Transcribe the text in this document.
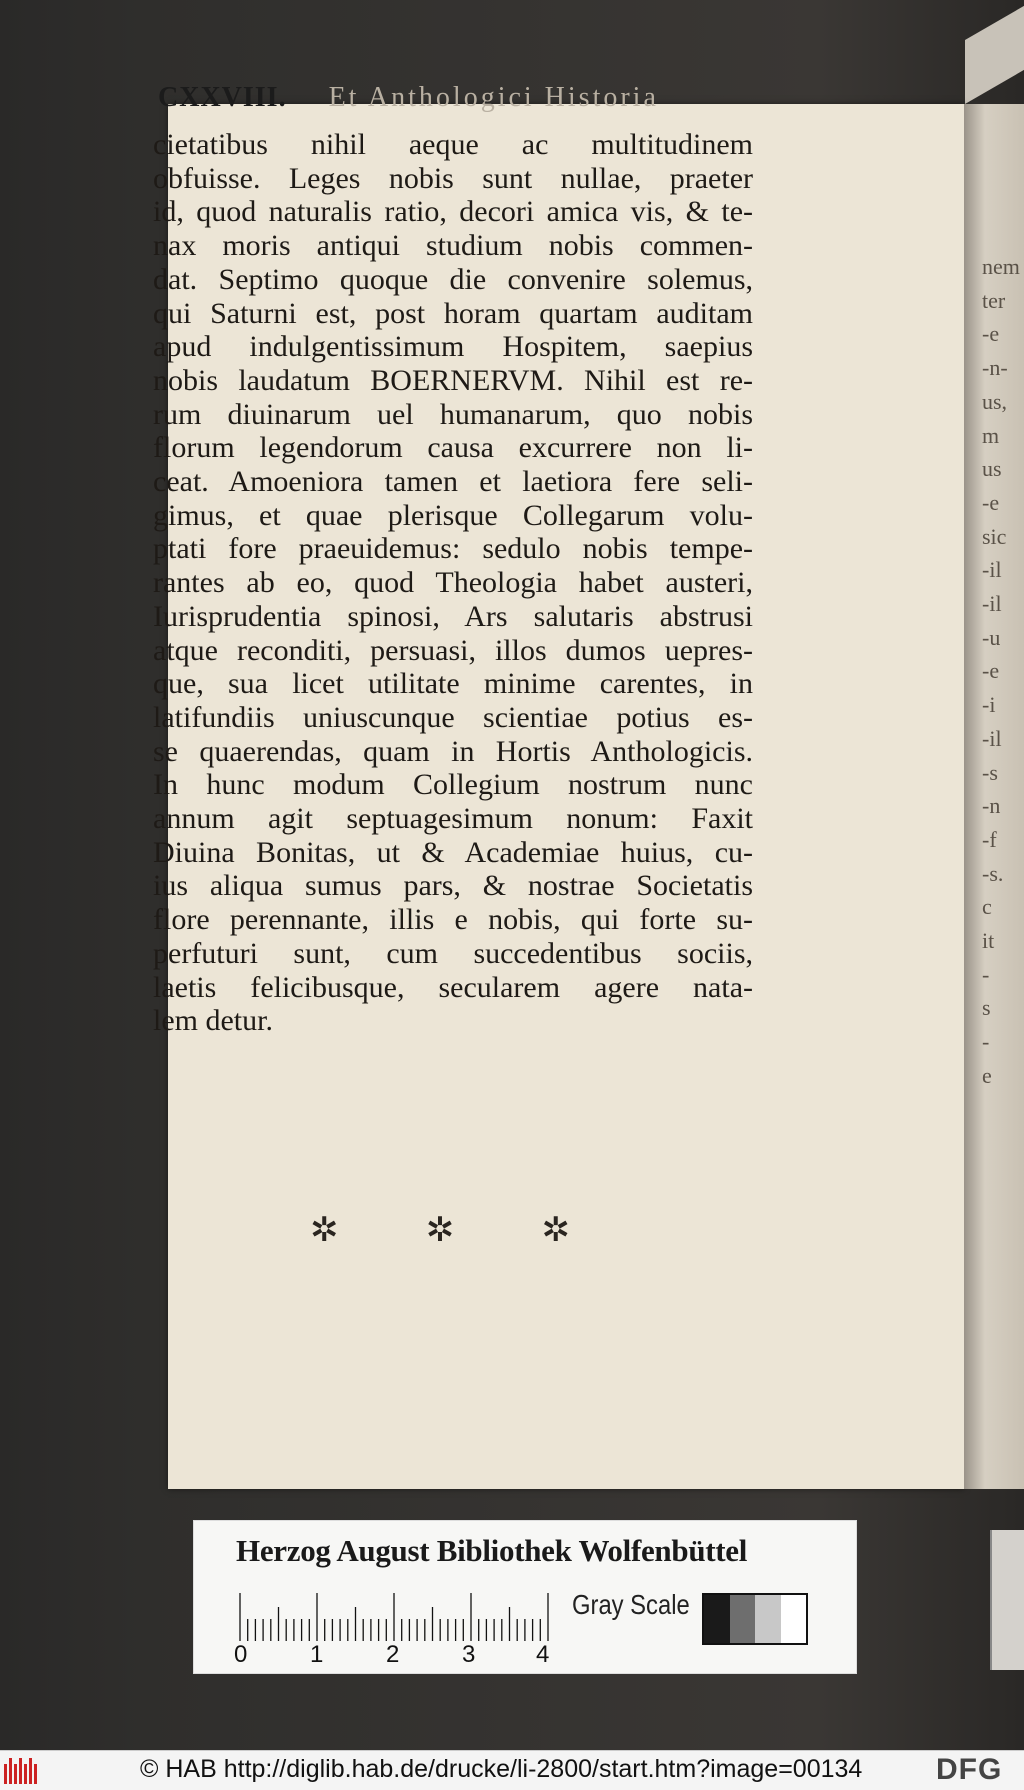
nem
ter
-e
-n-
us,
m
us
-e
sic
-il
-il
-u
-e
-i
-il
-s
-n
-f
-s.
c
it
-
s
-
e
CXXVIII. Et Anthologici Historia
cietatibus nihil aeque ac multitudinem
obfuisse. Leges nobis sunt nullae, praeter
id, quod naturalis ratio, decori amica vis, & te-
nax moris antiqui studium nobis commen-
dat. Septimo quoque die convenire solemus,
qui Saturni est, post horam quartam auditam
apud indulgentissimum Hospitem, saepius
nobis laudatum BOERNERVM. Nihil est re-
rum diuinarum uel humanarum, quo nobis
florum legendorum causa excurrere non li-
ceat. Amoeniora tamen et laetiora fere seli-
gimus, et quae plerisque Collegarum volu-
ptati fore praeuidemus: sedulo nobis tempe-
rantes ab eo, quod Theologia habet austeri,
Iurisprudentia spinosi, Ars salutaris abstrusi
atque reconditi, persuasi, illos dumos uepres-
que, sua licet utilitate minime carentes, in
latifundiis uniuscunque scientiae potius es-
se quaerendas, quam in Hortis Anthologicis.
In hunc modum Collegium nostrum nunc
annum agit septuagesimum nonum: Faxit
Diuina Bonitas, ut & Academiae huius, cu-
ius aliqua sumus pars, & nostrae Societatis
flore perennante, illis e nobis, qui forte su-
perfuturi sunt, cum succedentibus sociis,
laetis felicibusque, secularem agere nata-
lem detur.
✲	✲	✲
Herzog August Bibliothek Wolfenbüttel
0	1	2	3	4
Gray Scale
© HAB http://diglib.hab.de/drucke/li-2800/start.htm?image=00134 DFG
